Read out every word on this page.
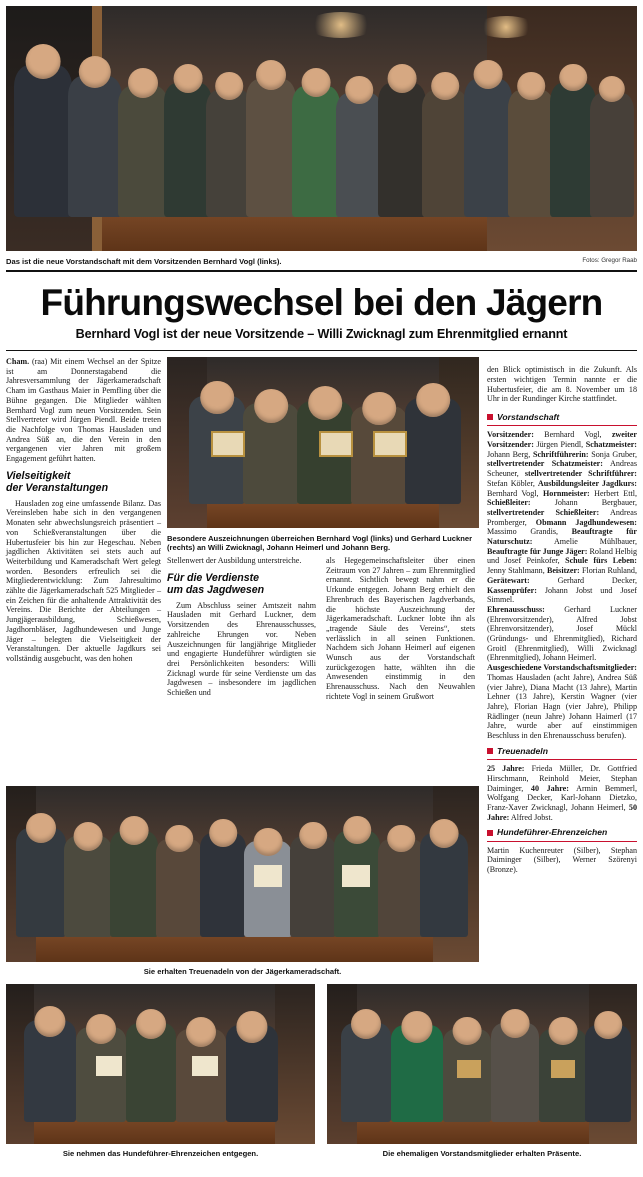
Das ist die neue Vorstandschaft mit dem Vorsitzenden Bernhard Vogl (links).	Fotos: Gregor Raab
Führungswechsel bei den Jägern
Bernhard Vogl ist der neue Vorsitzende – Willi Zwicknagl zum Ehrenmitglied ernannt

Cham. (raa) Mit einem Wechsel an der Spitze ist am Donnerstagabend die Jahresversammlung der Jägerkameradschaft Cham im Gasthaus Maier in Pemfling über die Bühne gegangen. Die Mitglieder wählten Bernhard Vogl zum neuen Vorsitzenden. Sein Stellvertreter wird Jürgen Piendl. Beide treten die Nachfolge von Thomas Hausladen und Andrea Süß an, die den Verein in den vergangenen vier Jahren mit großem Engagement geführt hatten.

Vielseitigkeit
der Veranstaltungen

Hausladen zog eine umfassende Bilanz. Das Vereinsleben habe sich in den vergangenen Monaten sehr abwechslungsreich präsentiert – von Schießveranstaltungen über die Hubertusfeier bis hin zur Hegeschau. Neben jagdlichen Aktivitäten sei stets auch auf Weiterbildung und Kameradschaft Wert gelegt worden. Besonders erfreulich sei die Mitgliederentwicklung: Zum Jahresultimo zählte die Jägerkameradschaft 525 Mitglieder – ein Zeichen für die anhaltende Attraktivität des Vereins. Die Berichte der Abteilungen – Jungjägerausbildung, Schießwesen, Jagdhornbläser, Jagdhundewesen und Junge Jäger – belegten die Vielseitigkeit der Veranstaltungen. Der aktuelle Jagdkurs sei vollständig ausgebucht, was den hohen

Besondere Auszeichnungen überreichen Bernhard Vogl (links) und Gerhard Luckner (rechts) an Willi Zwicknagl, Johann Heimerl und Johann Berg.

Stellenwert der Ausbildung unterstreiche.

Für die Verdienste
um das Jagdwesen

Zum Abschluss seiner Amtszeit nahm Hausladen mit Gerhard Luckner, dem Vorsitzenden des Ehrenausschusses, zahlreiche Ehrungen vor. Neben Auszeichnungen für langjährige Mitglieder und engagierte Hundeführer würdigten sie drei Persönlichkeiten besonders: Willi Zicknagl wurde für seine Verdienste um das Jagdwesen – insbesondere im jagdlichen Schießen und

als Hegegemeinschaftsleiter über einen Zeitraum von 27 Jahren – zum Ehrenmitglied ernannt. Sichtlich bewegt nahm er die Urkunde entgegen. Johann Berg erhielt den Ehrenbruch des Bayerischen Jagdverbands, die höchste Auszeichnung der Jägerkameradschaft. Luckner lobte ihn als „tragende Säule des Vereins“, stets verlässlich in all seinen Funktionen. Nachdem sich Johann Heimerl auf eigenen Wunsch aus der Vorstandschaft zurückgezogen hatte, wählten ihn die Anwesenden einstimmig in den Ehrenausschuss. Nach den Neuwahlen richtete Vogl in seinem Grußwort

den Blick optimistisch in die Zukunft. Als ersten wichtigen Termin nannte er die Hubertusfeier, die am 8. November um 18 Uhr in der Rundinger Kirche stattfindet.

Vorstandschaft
Vorsitzender: Bernhard Vogl, zweiter Vorsitzender: Jürgen Piendl, Schatzmeister: Johann Berg, Schriftführerin: Sonja Gruber, stellvertretender Schatzmeister: Andreas Scheuner, stellvertretender Schriftführer: Stefan Köbler, Ausbildungsleiter Jagdkurs: Bernhard Vogl, Hornmeister: Herbert Ettl, Schießleiter: Johann Bergbauer, stellvertretender Schießleiter: Andreas Promberger, Obmann Jagdhundewesen: Massimo Grandis, Beauftragte für Naturschutz: Amelie Mühlbauer, Beauftragte für Junge Jäger: Roland Helbig und Josef Peinkofer, Schule fürs Leben: Jenny Stahlmann, Beisitzer: Florian Ruhland, Gerätewart: Gerhard Decker, Kassenprüfer: Johann Jobst und Josef Simmel.
Ehrenausschuss: Gerhard Luckner (Ehrenvorsitzender), Alfred Jobst (Ehrenvorsitzender), Josef Mückl (Gründungs- und Ehrenmitglied), Richard Groitl (Ehrenmitglied), Willi Zwicknagl (Ehrenmitglied), Johann Heimerl.
Ausgeschiedene Vorstandschaftsmitglieder: Thomas Hausladen (acht Jahre), Andrea Süß (vier Jahre), Diana Macht (13 Jahre), Martin Lehner (13 Jahre), Kerstin Wagner (vier Jahre), Florian Hagn (vier Jahre), Philipp Rädlinger (neun Jahre) Johann Haimerl (17 Jahre, wurde aber auf einstimmigen Beschluss in den Ehrenausschuss berufen).
Treuenadeln
25 Jahre: Frieda Müller, Dr. Gottfried Hirschmann, Reinhold Meier, Stephan Daiminger, 40 Jahre: Armin Bemmerl, Wolfgang Decker, Karl-Johann Dietzko, Franz-Xaver Zwicknagl, Johann Heimerl, 50 Jahre: Alfred Jobst.
Hundeführer-Ehrenzeichen
Martin Kuchenreuter (Silber), Stephan Daiminger (Silber), Werner Szörenyi (Bronze).
Sie erhalten Treuenadeln von der Jägerkameradschaft.
Sie nehmen das Hundeführer-Ehrenzeichen entgegen.	Die ehemaligen Vorstandsmitglieder erhalten Präsente.
